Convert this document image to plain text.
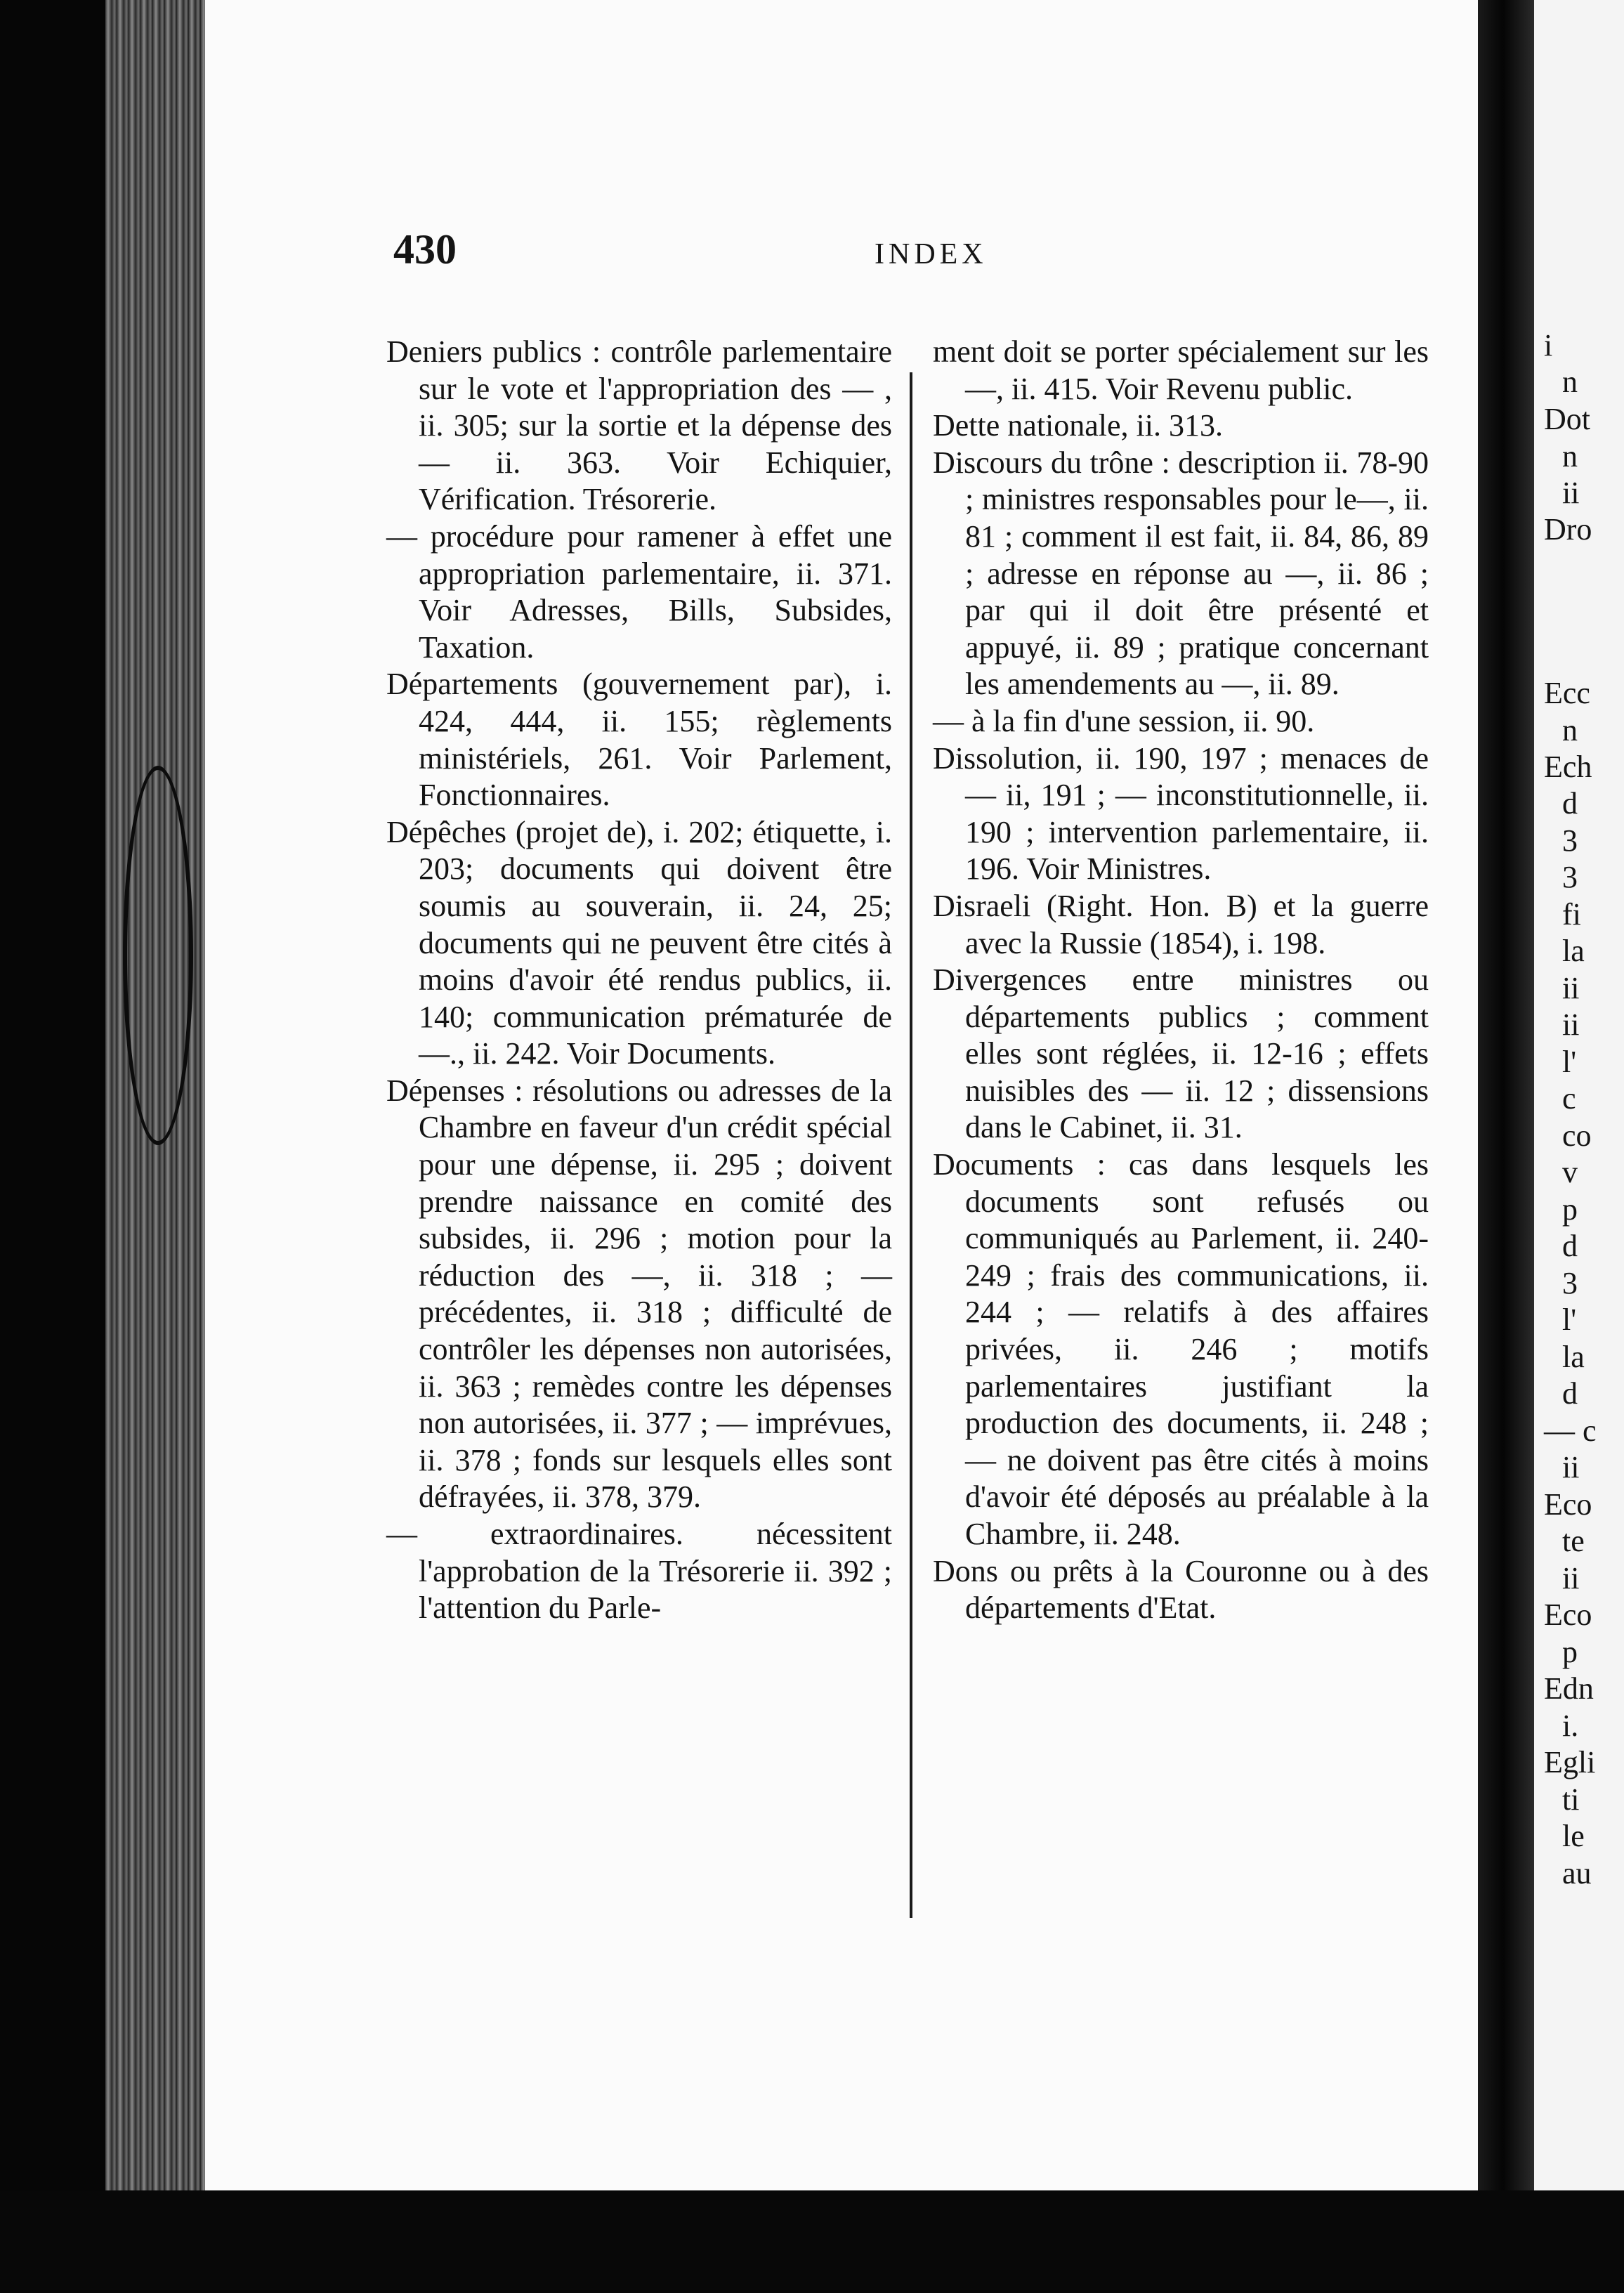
430	INDEX

Deniers publics : contrôle parlementaire sur le vote et l'appropriation des — , ii. 305; sur la sortie et la dépense des — ii. 363. Voir Echiquier, Vérification. Trésorerie.

— procédure pour ramener à effet une appropriation parlementaire, ii. 371. Voir Adresses, Bills, Subsides, Taxation.

Départements (gouvernement par), i. 424, 444, ii. 155; règlements ministériels, 261. Voir Parlement, Fonctionnaires.

Dépêches (projet de), i. 202; étiquette, i. 203; documents qui doivent être soumis au souverain, ii. 24, 25; documents qui ne peuvent être cités à moins d'avoir été rendus publics, ii. 140; communication prématurée de—., ii. 242. Voir Documents.

Dépenses : résolutions ou adresses de la Chambre en faveur d'un crédit spécial pour une dépense, ii. 295 ; doivent prendre naissance en comité des subsides, ii. 296 ; motion pour la réduction des —, ii. 318 ; —précédentes, ii. 318 ; difficulté de contrôler les dépenses non autorisées, ii. 363 ; remèdes contre les dépenses non autorisées, ii. 377 ; — imprévues, ii. 378 ; fonds sur lesquels elles sont défrayées, ii. 378, 379.

— extraordinaires. nécessitent l'approbation de la Trésorerie ii. 392 ; l'attention du Parle-

ment doit se porter spécialement sur les—, ii. 415. Voir Revenu public.

Dette nationale, ii. 313.

Discours du trône : description ii. 78-90 ; ministres responsables pour le—, ii. 81 ; comment il est fait, ii. 84, 86, 89 ; adresse en réponse au —, ii. 86 ; par qui il doit être présenté et appuyé, ii. 89 ; pratique concernant les amendements au —, ii. 89.

— à la fin d'une session, ii. 90.

Dissolution, ii. 190, 197 ; menaces de — ii, 191 ; — inconstitutionnelle, ii. 190 ; intervention parlementaire, ii. 196. Voir Ministres.

Disraeli (Right. Hon. B) et la guerre avec la Russie (1854), i. 198.

Divergences entre ministres ou départements publics ; comment elles sont réglées, ii. 12-16 ; effets nuisibles des — ii. 12 ; dissensions dans le Cabinet, ii. 31.

Documents : cas dans lesquels les documents sont refusés ou communiqués au Parlement, ii. 240-249 ; frais des communications, ii. 244 ; — relatifs à des affaires privées, ii. 246 ; motifs parlementaires justifiant la production des documents, ii. 248 ; — ne doivent pas être cités à moins d'avoir été déposés au préalable à la Chambre, ii. 248.

Dons ou prêts à la Couronne ou à des départements d'Etat.

i
n
Dot
n
ii
Dro
Ecc
n
Ech
d
3
3
fi
la
ii
ii
l'
c
co
v
p
d
3
l'
la
d
— c
ii
Eco
te
ii
Eco
p
Edn
i.
Egli
ti
le
au
